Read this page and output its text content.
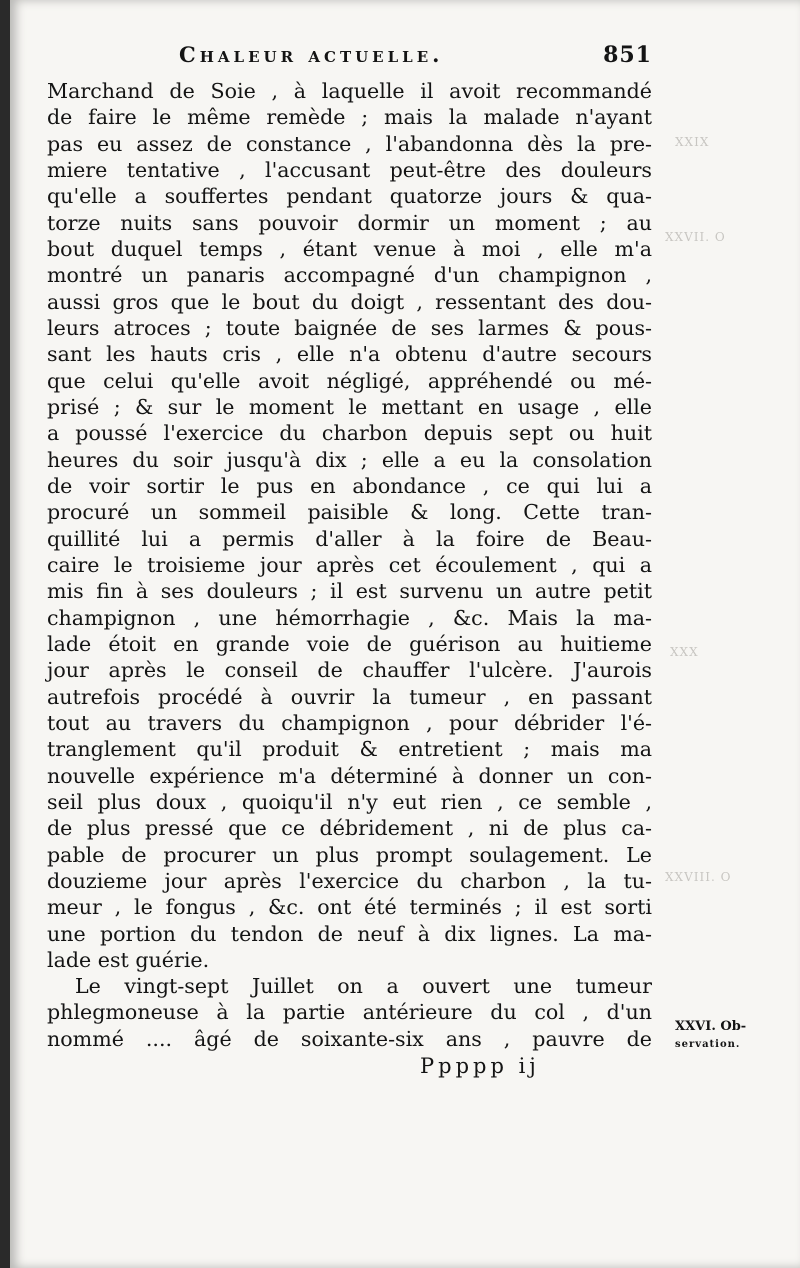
XXIX
XXVII. O
XXX
XXVIII. O
Chaleur actuelle.	851
Marchand de Soie , à laquelle il avoit recommandé
de faire le même remède ; mais la malade n'ayant
pas eu assez de constance , l'abandonna dès la pre-
miere tentative , l'accusant peut-être des douleurs
qu'elle a souffertes pendant quatorze jours & qua-
torze nuits sans pouvoir dormir un moment ; au
bout duquel temps , étant venue à moi , elle m'a
montré un panaris accompagné d'un champignon ,
aussi gros que le bout du doigt , ressentant des dou-
leurs atroces ; toute baignée de ses larmes & pous-
sant les hauts cris , elle n'a obtenu d'autre secours
que celui qu'elle avoit négligé, appréhendé ou mé-
prisé ; & sur le moment le mettant en usage , elle
a poussé l'exercice du charbon depuis sept ou huit
heures du soir jusqu'à dix ; elle a eu la consolation
de voir sortir le pus en abondance , ce qui lui a
procuré un sommeil paisible & long. Cette tran-
quillité lui a permis d'aller à la foire de Beau-
caire le troisieme jour après cet écoulement , qui a
mis fin à ses douleurs ; il est survenu un autre petit
champignon , une hémorrhagie , &c. Mais la ma-
lade étoit en grande voie de guérison au huitieme
jour après le conseil de chauffer l'ulcère. J'aurois
autrefois procédé à ouvrir la tumeur , en passant
tout au travers du champignon , pour débrider l'é-
tranglement qu'il produit & entretient ; mais ma
nouvelle expérience m'a déterminé à donner un con-
seil plus doux , quoiqu'il n'y eut rien , ce semble ,
de plus pressé que ce débridement , ni de plus ca-
pable de procurer un plus prompt soulagement. Le
douzieme jour après l'exercice du charbon , la tu-
meur , le fongus , &c. ont été terminés ; il est sorti
une portion du tendon de neuf à dix lignes. La ma-
lade est guérie.
Le vingt-sept Juillet on a ouvert une tumeur
phlegmoneuse à la partie antérieure du col , d'un
nommé .... âgé de soixante-six ans , pauvre de
Ppppp ij
XXVI. Ob-
servation.
